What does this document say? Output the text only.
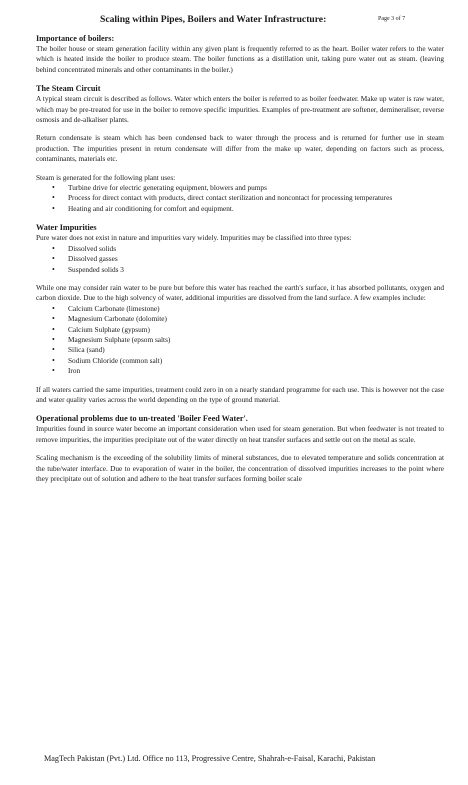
Scaling within Pipes, Boilers and Water Infrastructure:	Page 3 of 7

Importance of boilers:

The boiler house or steam generation facility within any given plant is frequently referred to as the heart. Boiler water refers to the water which is heated inside the boiler to produce steam. The boiler functions as a distillation unit, taking pure water out as steam. (leaving behind concentrated minerals and other contaminants in the boiler.)

The Steam Circuit

A typical steam circuit is described as follows. Water which enters the boiler is referred to as boiler feedwater. Make up water is raw water, which may be pre-treated for use in the boiler to remove specific impurities. Examples of pre-treatment are softener, demineraliser, reverse osmosis and de-alkaliser plants.

Return condensate is steam which has been condensed back to water through the process and is returned for further use in steam production. The impurities present in return condensate will differ from the make up water, depending on factors such as process, contaminants, materials etc.

Steam is generated for the following plant uses:

• Turbine drive for electric generating equipment, blowers and pumps
• Process for direct contact with products, direct contact sterilization and noncontact for processing temperatures
• Heating and air conditioning for comfort and equipment.

Water Impurities

Pure water does not exist in nature and impurities vary widely. Impurities may be classified into three types:

• Dissolved solids
• Dissolved gasses
• Suspended solids 3

While one may consider rain water to be pure but before this water has reached the earth's surface, it has absorbed pollutants, oxygen and carbon dioxide. Due to the high solvency of water, additional impurities are dissolved from the land surface. A few examples include:

• Calcium Carbonate (limestone)
• Magnesium Carbonate (dolomite)
• Calcium Sulphate (gypsum)
• Magnesium Sulphate (epsom salts)
• Silica (sand)
• Sodium Chloride (common salt)
• Iron

If all waters carried the same impurities, treatment could zero in on a nearly standard programme for each use. This is however not the case and water quality varies across the world depending on the type of ground material.

Operational problems due to un-treated 'Boiler Feed Water'.

Impurities found in source water become an important consideration when used for steam generation. But when feedwater is not treated to remove impurities, the impurities precipitate out of the water directly on heat transfer surfaces and settle out on the metal as scale.

Scaling mechanism is the exceeding of the solubility limits of mineral substances, due to elevated temperature and solids concentration at the tube/water interface. Due to evaporation of water in the boiler, the concentration of dissolved impurities increases to the point where they precipitate out of solution and adhere to the heat transfer surfaces forming boiler scale

MagTech Pakistan (Pvt.) Ltd. Office no 113, Progressive Centre, Shahrah-e-Faisal, Karachi, Pakistan
